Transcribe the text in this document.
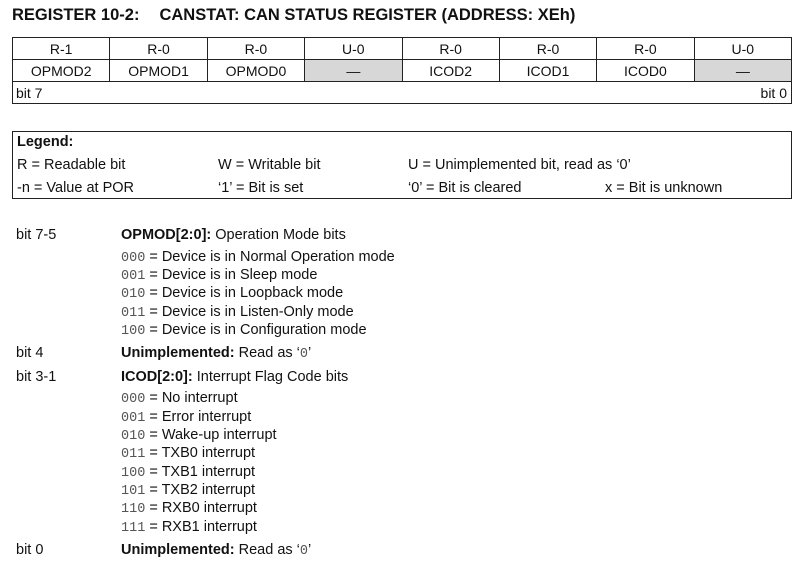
REGISTER 10-2: CANSTAT: CAN STATUS REGISTER (ADDRESS: XEh)
R-1	R-0	R-0	U-0	R-0	R-0	R-0	U-0
OPMOD2	OPMOD1	OPMOD0	—	ICOD2	ICOD1	ICOD0	—
bit 7 bit 0							
Legend:
R = Readable bit	W = Writable bit	U = Unimplemented bit, read as ‘0’
-n = Value at POR	‘1’ = Bit is set	‘0’ = Bit is cleared	x = Bit is unknown
bit 7-5	OPMOD[2:0]: Operation Mode bits
000 = Device is in Normal Operation mode
001 = Device is in Sleep mode
010 = Device is in Loopback mode
011 = Device is in Listen-Only mode
100 = Device is in Configuration mode
bit 4	Unimplemented: Read as ‘0’
bit 3-1	ICOD[2:0]: Interrupt Flag Code bits
000 = No interrupt
001 = Error interrupt
010 = Wake-up interrupt
011 = TXB0 interrupt
100 = TXB1 interrupt
101 = TXB2 interrupt
110 = RXB0 interrupt
111 = RXB1 interrupt
bit 0	Unimplemented: Read as ‘0’
